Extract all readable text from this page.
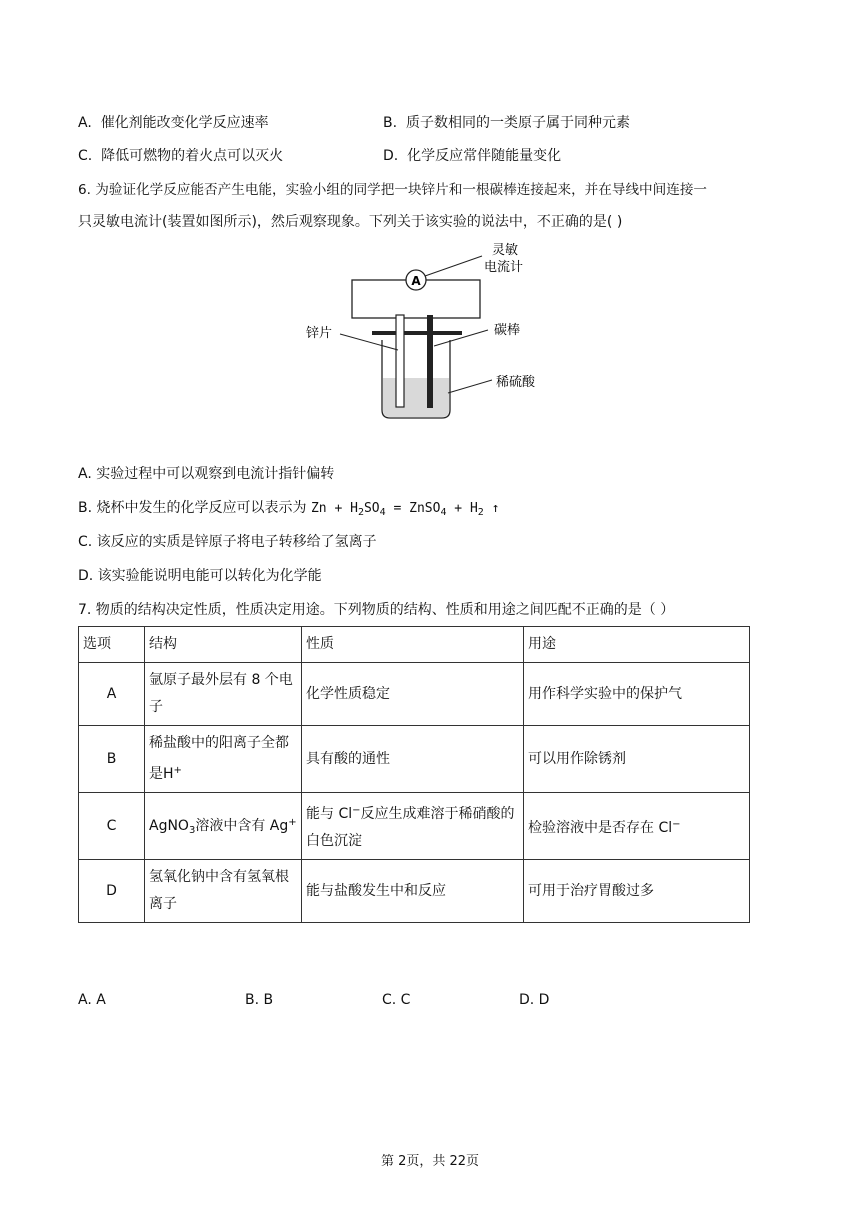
A. 催化剂能改变化学反应速率	B. 质子数相同的一类原子属于同种元素
C. 降低可燃物的着火点可以灭火	D. 化学反应常伴随能量变化
6. 为验证化学反应能否产生电能，实验小组的同学把一块锌片和一根碳棒连接起来，并在导线中间连接一
只灵敏电流计(装置如图所示)，然后观察现象。下列关于该实验的说法中，不正确的是( )
A
灵敏
电流计
锌片	碳棒
稀硫酸
A. 实验过程中可以观察到电流计指针偏转
B. 烧杯中发生的化学反应可以表示为 $Zn + H_2SO_4$ = ZnSO$_4$ + $H_2$ ↑
C. 该反应的实质是锌原子将电子转移给了氢离子
D. 该实验能说明电能可以转化为化学能
7. 物质的结构决定性质，性质决定用途。下列物质的结构、性质和用途之间匹配不正确的是（ ）
选项	结构	性质	用途
A	氩原子最外层有 8 个电子	化学性质稳定	用作科学实验中的保护气
B	稀盐酸中的阳离子全都是H+	具有酸的通性	可以用作除锈剂
C	AgNO$_3$溶液中含有 Ag+	能与 Cl−反应生成难溶于稀硝酸的白色沉淀	检验溶液中是否存在 Cl−
D	氢氧化钠中含有氢氧根离子	能与盐酸发生中和反应	可用于治疗胃酸过多
A. A	B. B	C. C	D. D
第 2页，共 22页
